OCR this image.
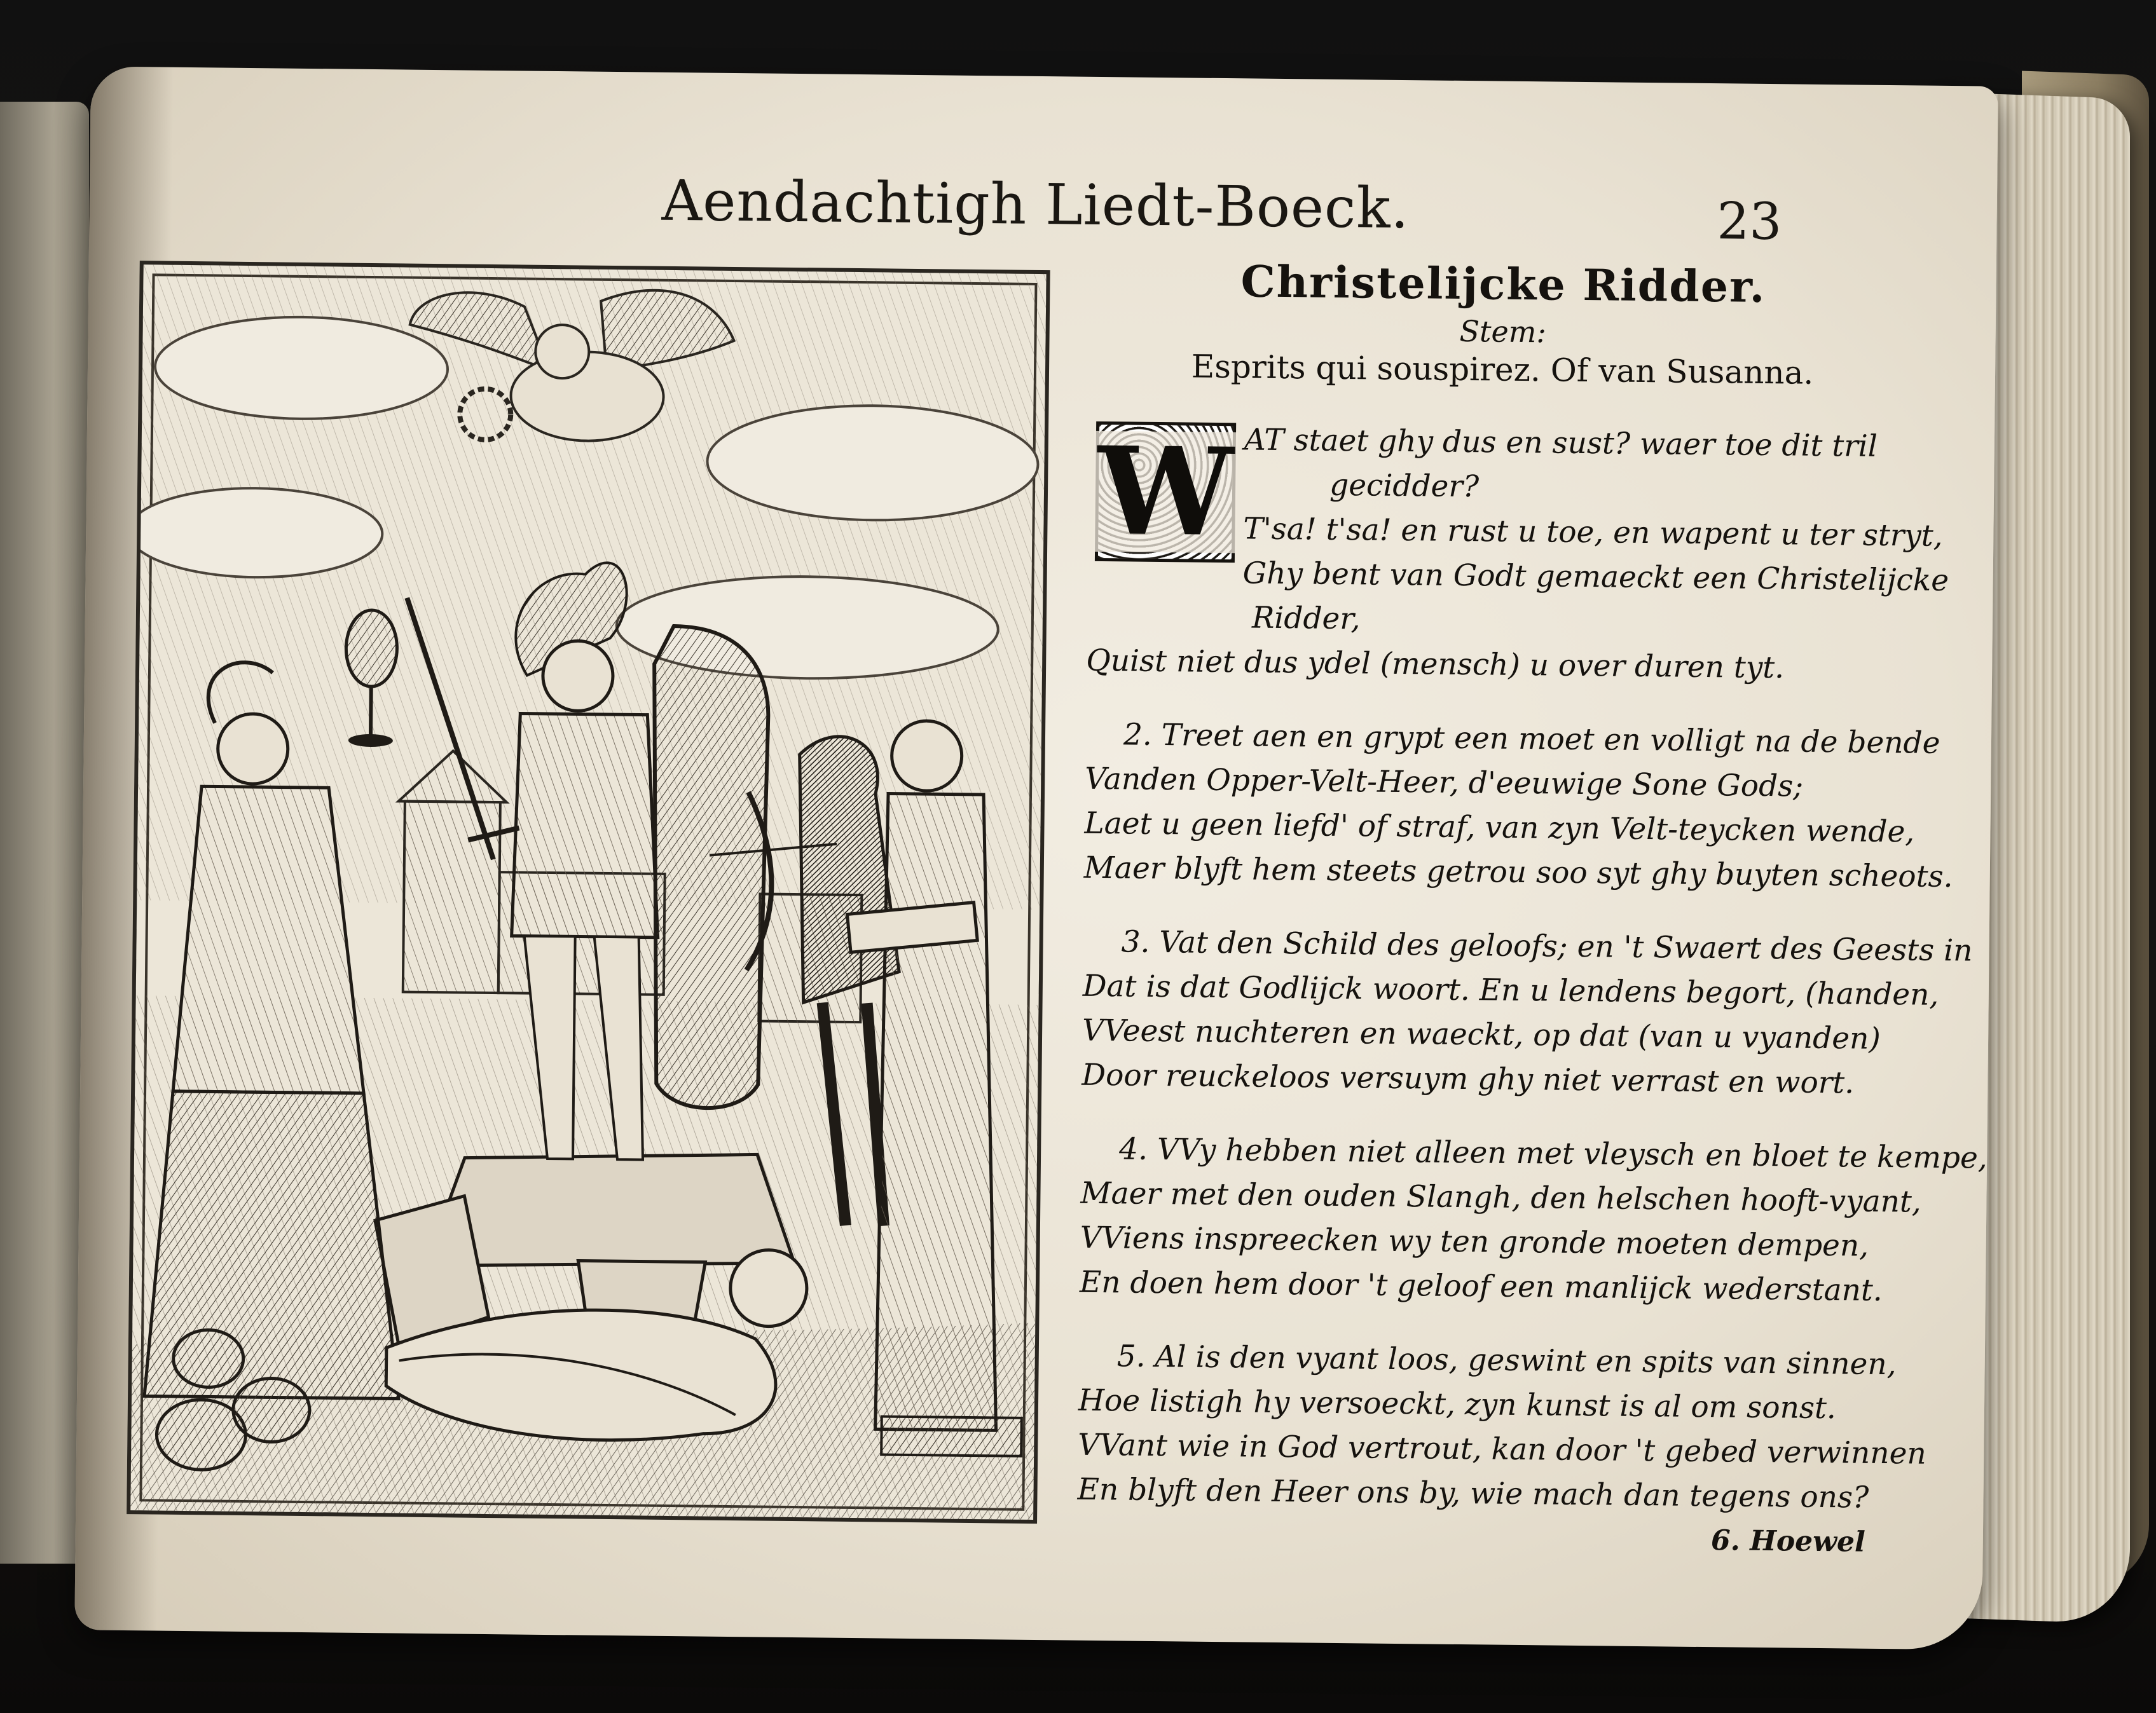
Aendachtigh Liedt-Boeck.	23
Christelijcke Ridder.
Stem:
Esprits qui souspirez. Of van Susanna.
W AT staet ghy dus en sust? waer toe dit tril
gecidder?
T'sa! t'sa! en rust u toe, en wapent u ter stryt,
Ghy bent van Godt gemaeckt een Christelijcke
Ridder,
Quist niet dus ydel (mensch) u over duren tyt.
2. Treet aen en grypt een moet en volligt na de bende
Vanden Opper-Velt-Heer, d'eeuwige Sone Gods;
Laet u geen liefd' of straf, van zyn Velt-teycken wende,
Maer blyft hem steets getrou soo syt ghy buyten scheots.
3. Vat den Schild des geloofs; en 't Swaert des Geests in
Dat is dat Godlijck woort. En u lendens begort, (handen,
VVeest nuchteren en waeckt, op dat (van u vyanden)
Door reuckeloos versuym ghy niet verrast en wort.
4. VVy hebben niet alleen met vleysch en bloet te kempe,
Maer met den ouden Slangh, den helschen hooft-vyant,
VViens inspreecken wy ten gronde moeten dempen,
En doen hem door 't geloof een manlijck wederstant.
5. Al is den vyant loos, geswint en spits van sinnen,
Hoe listigh hy versoeckt, zyn kunst is al om sonst.
VVant wie in God vertrout, kan door 't gebed verwinnen
En blyft den Heer ons by, wie mach dan tegens ons?
6. Hoewel
